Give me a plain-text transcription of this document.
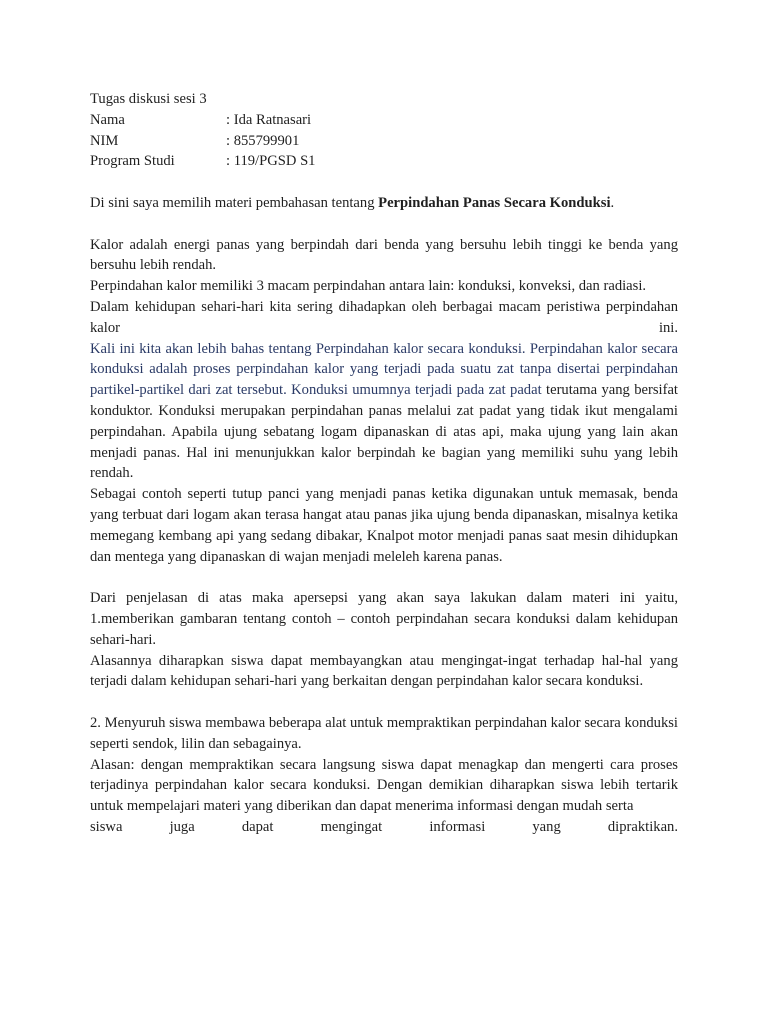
Tugas diskusi sesi 3
Nama	: Ida Ratnasari
NIM	: 855799901
Program Studi	: 119/PGSD S1
Di sini saya memilih materi pembahasan tentang Perpindahan Panas Secara Konduksi.
Kalor adalah energi panas yang berpindah dari benda yang bersuhu lebih tinggi ke benda yang bersuhu lebih rendah.
Perpindahan kalor memiliki 3 macam perpindahan antara lain: konduksi, konveksi, dan radiasi.
Dalam kehidupan sehari-hari kita sering dihadapkan oleh berbagai macam peristiwa perpindahan
kalor	ini.
Kali ini kita akan lebih bahas tentang Perpindahan kalor secara konduksi. Perpindahan kalor secara konduksi adalah proses perpindahan kalor yang terjadi pada suatu zat tanpa disertai perpindahan partikel-partikel dari zat tersebut. Konduksi umumnya terjadi pada zat padat terutama yang bersifat konduktor. Konduksi merupakan perpindahan panas melalui zat padat yang tidak ikut mengalami perpindahan. Apabila ujung sebatang logam dipanaskan di atas api, maka ujung yang lain akan menjadi panas. Hal ini menunjukkan kalor berpindah ke bagian yang memiliki suhu yang lebih rendah.
Sebagai contoh seperti tutup panci yang menjadi panas ketika digunakan untuk memasak, benda yang terbuat dari logam akan terasa hangat atau panas jika ujung benda dipanaskan, misalnya ketika memegang kembang api yang sedang dibakar, Knalpot motor menjadi panas saat mesin dihidupkan dan mentega yang dipanaskan di wajan menjadi meleleh karena panas.
Dari penjelasan di atas maka apersepsi yang akan saya lakukan dalam materi ini yaitu,
1.memberikan gambaran tentang contoh – contoh perpindahan secara konduksi dalam kehidupan sehari-hari.
Alasannya diharapkan siswa dapat membayangkan atau mengingat-ingat terhadap hal-hal yang terjadi dalam kehidupan sehari-hari yang berkaitan dengan perpindahan kalor secara konduksi.
2. Menyuruh siswa membawa beberapa alat untuk mempraktikan perpindahan kalor secara konduksi seperti sendok, lilin dan sebagainya.
Alasan: dengan mempraktikan secara langsung siswa dapat menagkap dan mengerti cara proses terjadinya perpindahan kalor secara konduksi. Dengan demikian diharapkan siswa lebih tertarik untuk mempelajari materi yang diberikan dan dapat menerima informasi dengan mudah serta
siswa juga dapat mengingat informasi yang dipraktikan.
